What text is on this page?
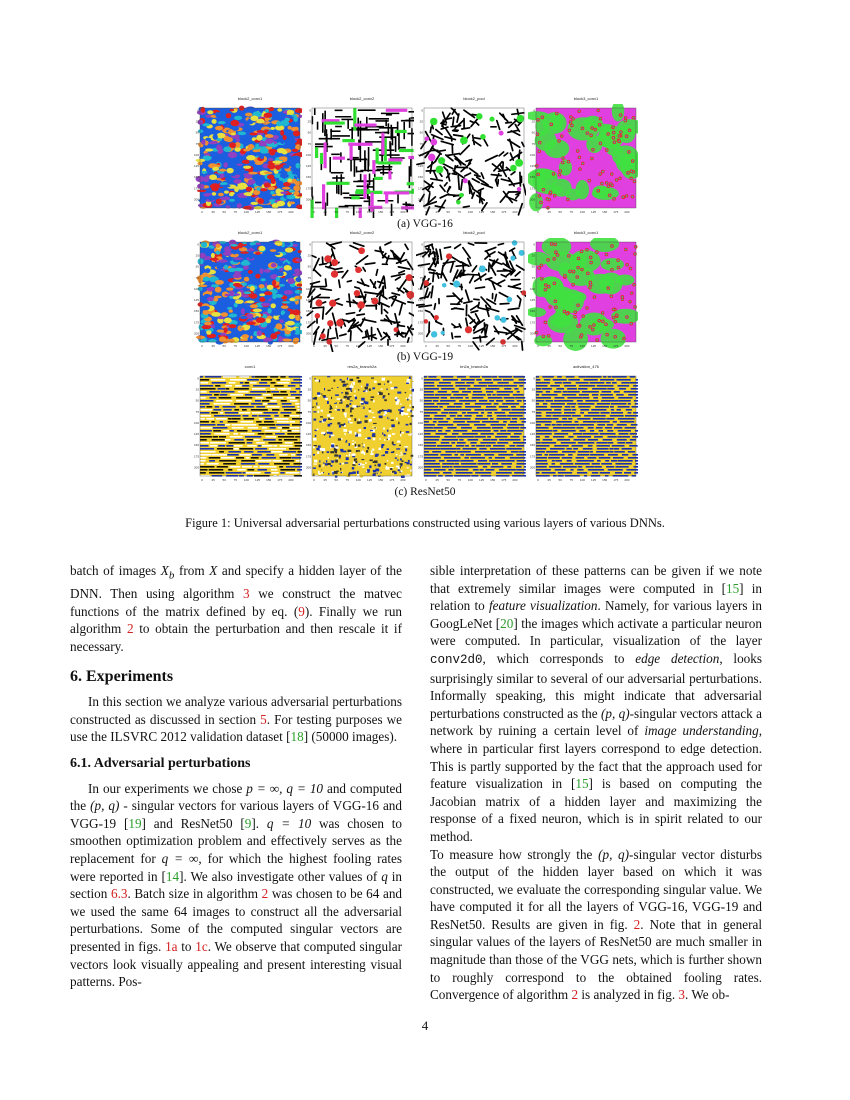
0
25
50
75
100
125
150
175
200
0	25	50	75 100 125 150 175 200
block2_conv1
0
25
50
75
100
125
150
175
200
0	25	50	75 100 125 150 175 200
block2_conv2
0
25
50
75
100
125
150
175
200
0	25	50	75 100 125 150 175 200
block2_pool
0
25
50
75
100
125
150
175
200
0	25	50	75 100 125 150 175 200
block3_conv1
(a) VGG-16
0
25
50
75
100
125
150
175
200
0	25	50	75 100 125 150 175 200
block2_conv1
0
25
50
75
100
125
150
175
200
0	25	50	75 100 125 150 175 200
block2_conv2
0
25
50
75
100
125
150
175
200
0	25	50	75 100 125 150 175 200
block2_pool
0
25
50
75
100
125
150
175
200
0	25	50	75 100 125 150 175 200
block3_conv1
(b) VGG-19
0
25
50
75
100
125
150
175
200
0	25	50	75 100 125 150 175 200
conv1
0
25
50
75
100
125
150
175
200
0	25	50	75 100 125 150 175 200
res2a_branch2a
0
25
50
75
100
125
150
175
200
0	25	50	75 100 125 150 175 200
bn2a_branch2a
0
25
50
75
100
125
150
175
200
0	25	50	75 100 125 150 175 200
activation_476
(c) ResNet50
Figure 1: Universal adversarial perturbations constructed using various layers of various DNNs.

batch of images $X_b$ from X and specify a hidden layer of the DNN. Then using algorithm 3 we construct the matvec functions of the matrix defined by eq. (9). Finally we run algorithm 2 to obtain the perturbation and then rescale it if necessary.

6. Experiments

In this section we analyze various adversarial perturbations constructed as discussed in section 5. For testing purposes we use the ILSVRC 2012 validation dataset [18] (50000 images).

6.1. Adversarial perturbations

In our experiments we chose p = ∞, q = 10 and computed the (p, q) - singular vectors for various layers of VGG-16 and VGG-19 [19] and ResNet50 [9]. q = 10 was chosen to smoothen optimization problem and effectively serves as the replacement for q = ∞, for which the highest fooling rates were reported in [14]. We also investigate other values of q in section 6.3. Batch size in algorithm 2 was chosen to be 64 and we used the same 64 images to construct all the adversarial perturbations. Some of the computed singular vectors are presented in figs. 1a to 1c. We observe that computed singular vectors look visually appealing and present interesting visual patterns. Pos-

sible interpretation of these patterns can be given if we note that extremely similar images were computed in [15] in relation to feature visualization. Namely, for various layers in GoogLeNet [20] the images which activate a particular neuron were computed. In particular, visualization of the layer conv2d0, which corresponds to edge detection, looks surprisingly similar to several of our adversarial perturbations. Informally speaking, this might indicate that adversarial perturbations constructed as the (p, q)-singular vectors attack a network by ruining a certain level of image understanding, where in particular first layers correspond to edge detection. This is partly supported by the fact that the approach used for feature visualization in [15] is based on computing the Jacobian matrix of a hidden layer and maximizing the response of a fixed neuron, which is in spirit related to our method.

To measure how strongly the (p, q)-singular vector disturbs the output of the hidden layer based on which it was constructed, we evaluate the corresponding singular value. We have computed it for all the layers of VGG-16, VGG-19 and ResNet50. Results are given in fig. 2. Note that in general singular values of the layers of ResNet50 are much smaller in magnitude than those of the VGG nets, which is further shown to roughly correspond to the obtained fooling rates. Convergence of algorithm 2 is analyzed in fig. 3. We ob-

4
